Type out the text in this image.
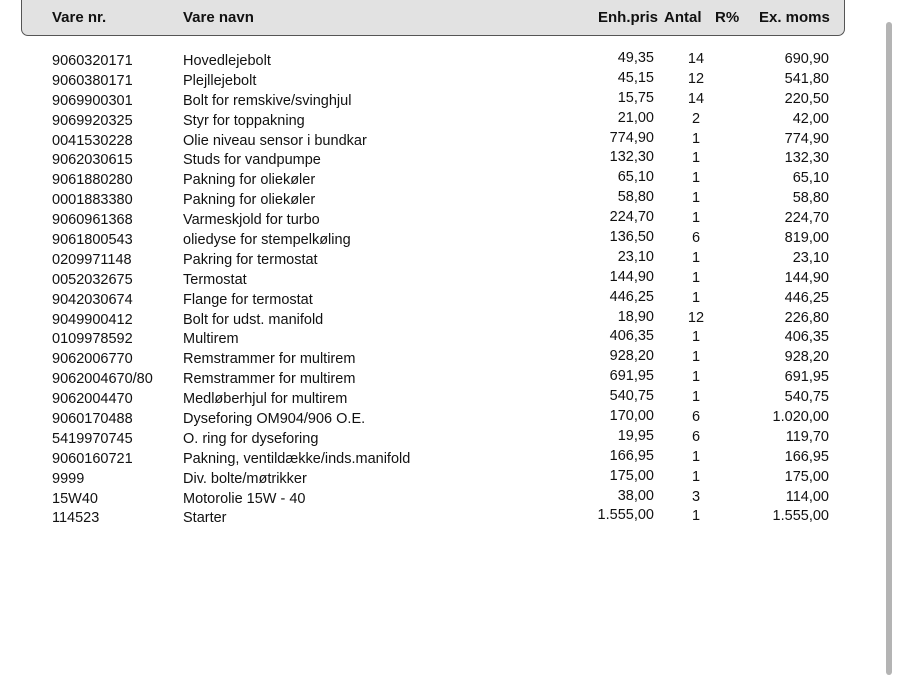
Vare nr.	Vare navn	Enh.pris Antal R% Ex. moms
9060320171	Hovedlejebolt	49,35	14	690,90
9060380171	Plejllejebolt	45,15	12	541,80
9069900301	Bolt for remskive/svinghjul	15,75	14	220,50
9069920325	Styr for toppakning	21,00	2	42,00
0041530228	Olie niveau sensor i bundkar	774,90	1	774,90
9062030615	Studs for vandpumpe	132,30	1	132,30
9061880280	Pakning for oliekøler	65,10	1	65,10
0001883380	Pakning for oliekøler	58,80	1	58,80
9060961368	Varmeskjold for turbo	224,70	1	224,70
9061800543	oliedyse for stempelkøling	136,50	6	819,00
0209971148	Pakring for termostat	23,10	1	23,10
0052032675	Termostat	144,90	1	144,90
9042030674	Flange for termostat	446,25	1	446,25
9049900412	Bolt for udst. manifold	18,90	12	226,80
0109978592	Multirem	406,35	1	406,35
9062006770	Remstrammer for multirem	928,20	1	928,20
9062004670/80 Remstrammer for multirem	691,95	1	691,95
9062004470	Medløberhjul for multirem	540,75	1	540,75
9060170488	Dyseforing OM904/906 O.E.	170,00	6	1.020,00
5419970745	O. ring for dyseforing	19,95	6	119,70
9060160721	Pakning, ventildække/inds.manifold	166,95	1	166,95
9999	Div. bolte/møtrikker	175,00	1	175,00
15W40	Motorolie 15W - 40	38,00	3	114,00
114523	Starter	1.555,00	1	1.555,00
